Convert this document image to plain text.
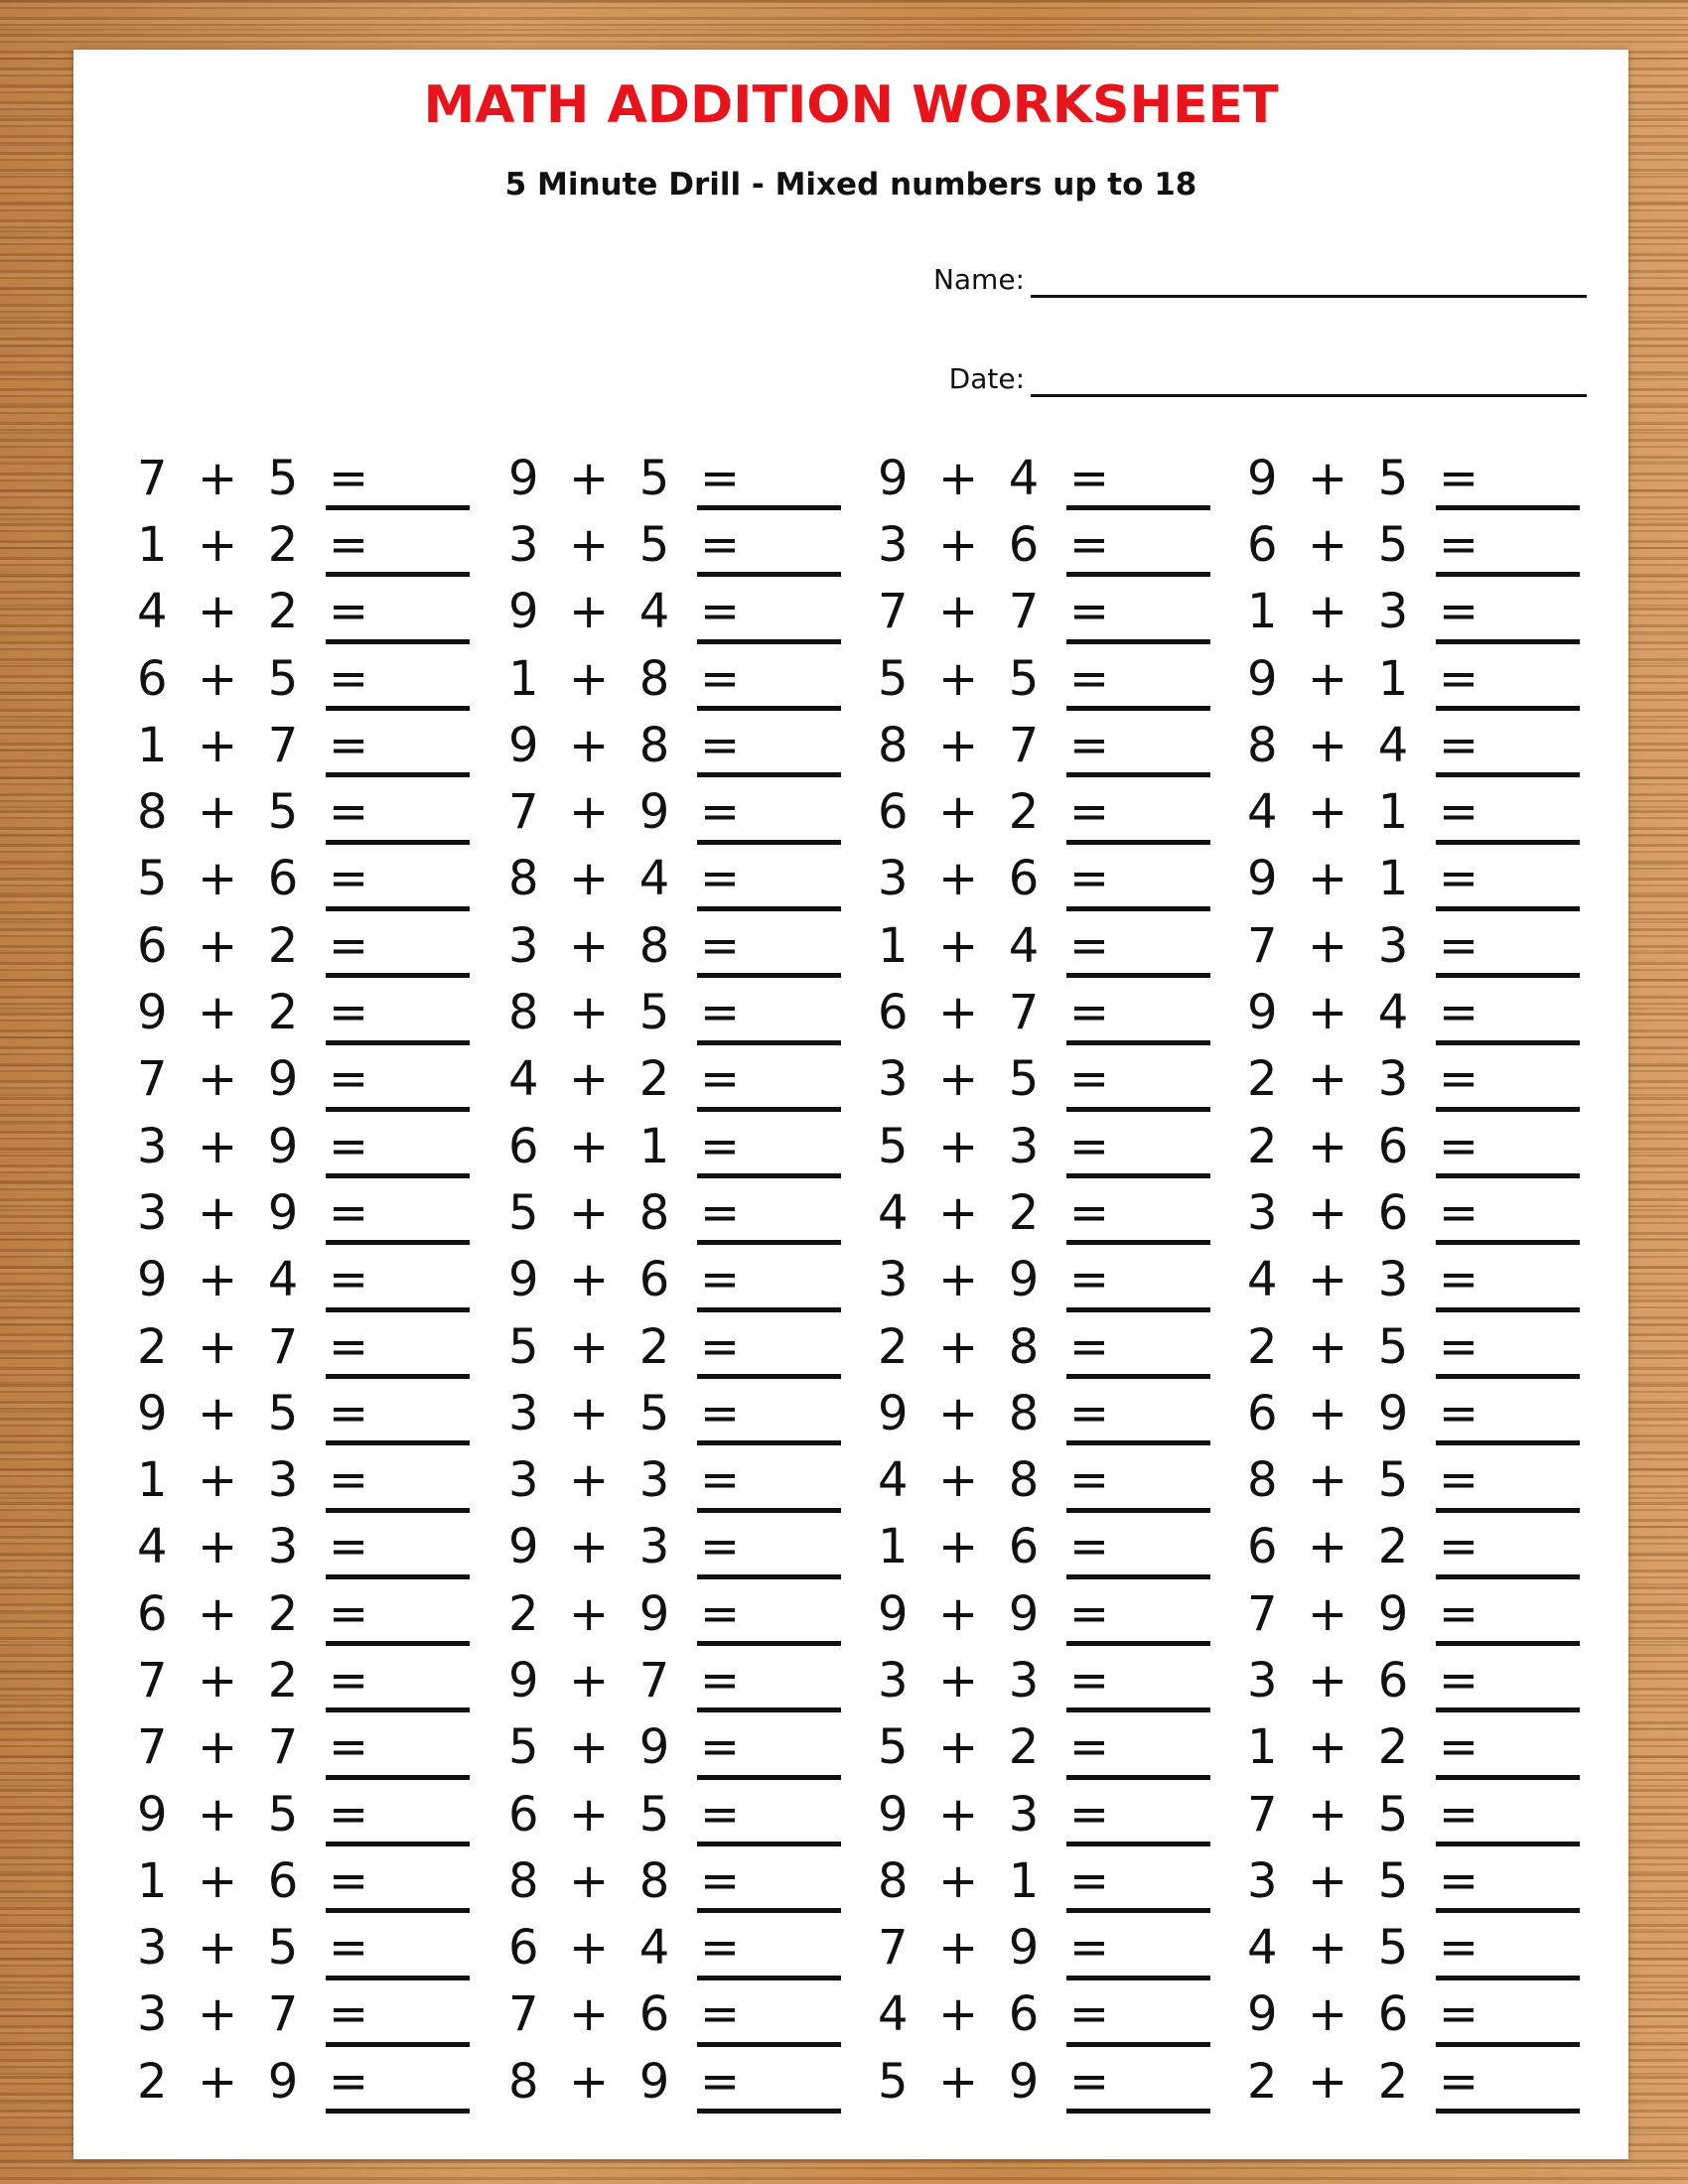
MATH ADDITION WORKSHEET
5 Minute Drill - Mixed numbers up to 18
Name:
Date:
7  +  5  =
1  +  2  =
4  +  2  =
6  +  5  =
1  +  7  =
8  +  5  =
5  +  6  =
6  +  2  =
9  +  2  =
7  +  9  =
3  +  9  =
3  +  9  =
9  +  4  =
2  +  7  =
9  +  5  =
1  +  3  =
4  +  3  =
6  +  2  =
7  +  2  =
7  +  7  =
9  +  5  =
1  +  6  =
3  +  5  =
3  +  7  =
2  +  9  =
9  +  5  =
3  +  5  =
9  +  4  =
1  +  8  =
9  +  8  =
7  +  9  =
8  +  4  =
3  +  8  =
8  +  5  =
4  +  2  =
6  +  1  =
5  +  8  =
9  +  6  =
5  +  2  =
3  +  5  =
3  +  3  =
9  +  3  =
2  +  9  =
9  +  7  =
5  +  9  =
6  +  5  =
8  +  8  =
6  +  4  =
7  +  6  =
8  +  9  =
9  +  4  =
3  +  6  =
7  +  7  =
5  +  5  =
8  +  7  =
6  +  2  =
3  +  6  =
1  +  4  =
6  +  7  =
3  +  5  =
5  +  3  =
4  +  2  =
3  +  9  =
2  +  8  =
9  +  8  =
4  +  8  =
1  +  6  =
9  +  9  =
3  +  3  =
5  +  2  =
9  +  3  =
8  +  1  =
7  +  9  =
4  +  6  =
5  +  9  =
9  +  5  =
6  +  5  =
1  +  3  =
9  +  1  =
8  +  4  =
4  +  1  =
9  +  1  =
7  +  3  =
9  +  4  =
2  +  3  =
2  +  6  =
3  +  6  =
4  +  3  =
2  +  5  =
6  +  9  =
8  +  5  =
6  +  2  =
7  +  9  =
3  +  6  =
1  +  2  =
7  +  5  =
3  +  5  =
4  +  5  =
9  +  6  =
2  +  2  =
